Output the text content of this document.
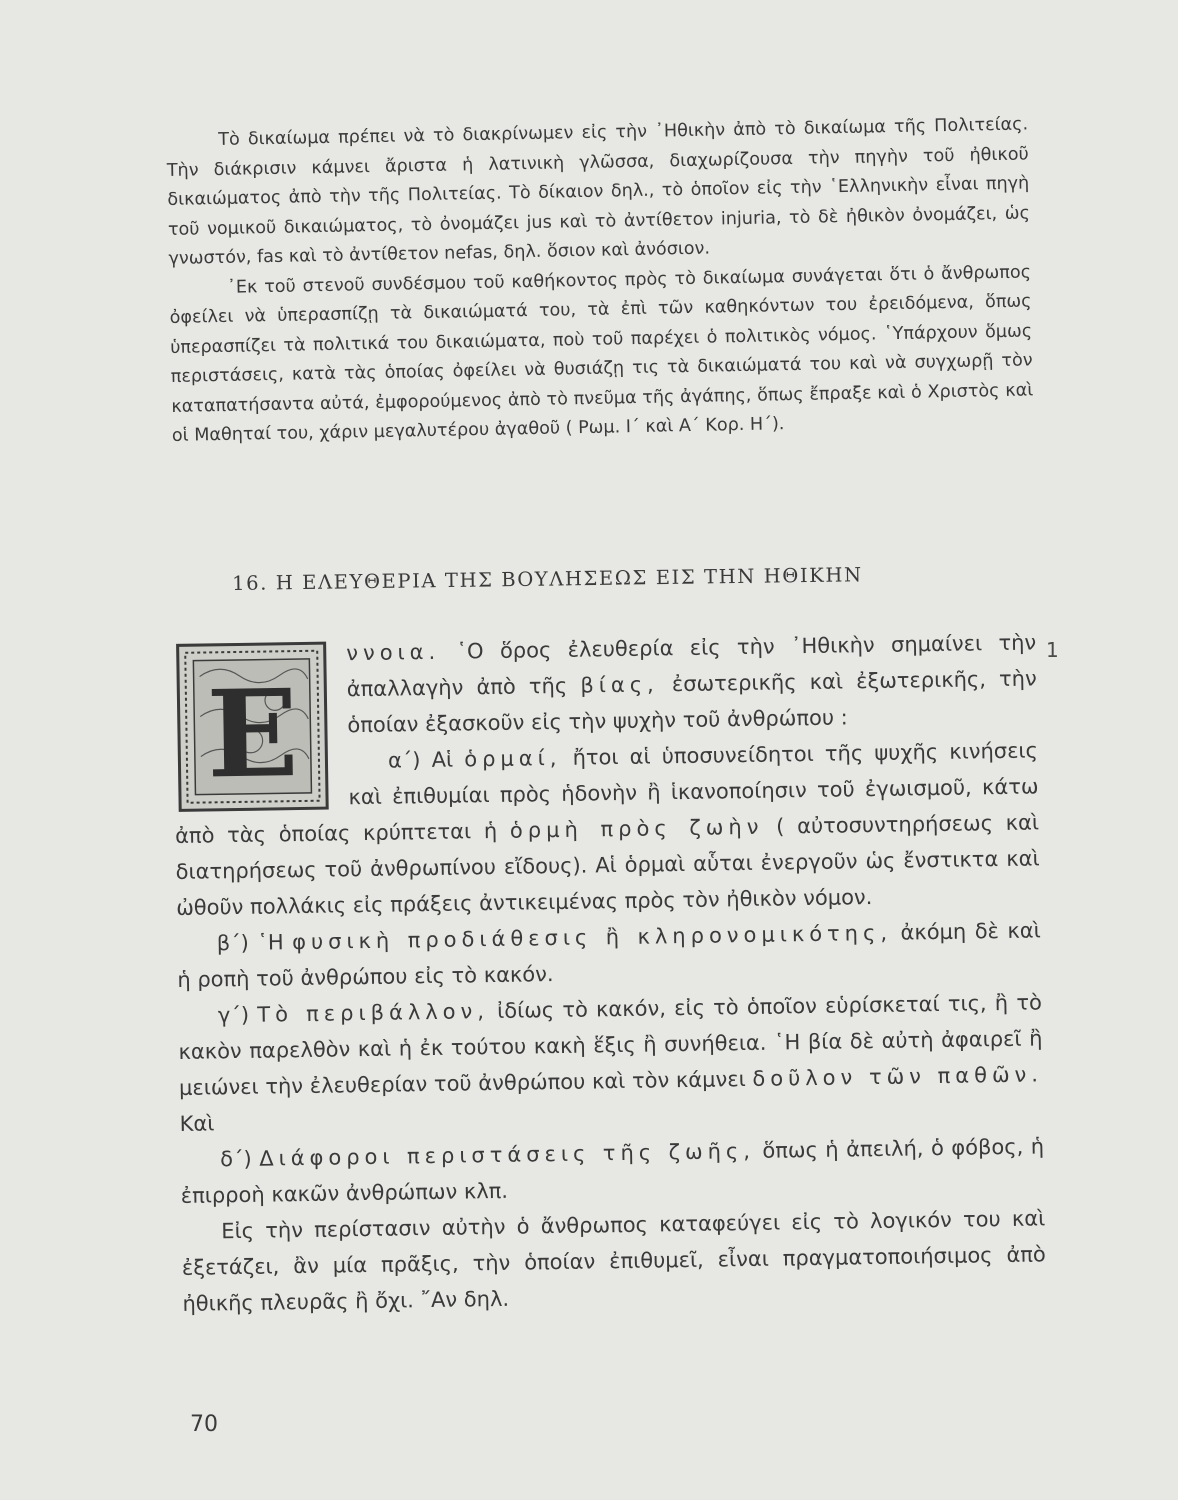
Τὸ δικαίωμα πρέπει νὰ τὸ διακρίνωμεν εἰς τὴν ᾿Ηθικὴν ἀπὸ τὸ δικαίωμα τῆς Πολιτείας. Τὴν διάκρισιν κάμνει ἄριστα ἡ λατινικὴ γλῶσσα, διαχωρίζουσα τὴν πηγὴν τοῦ ἠθικοῦ δικαιώματος ἀπὸ τὴν τῆς Πολιτείας. Τὸ δίκαιον δηλ., τὸ ὁποῖον εἰς τὴν ῾Ελληνικὴν εἶναι πηγὴ τοῦ νομικοῦ δικαιώματος, τὸ ὀνομάζει jus καὶ τὸ ἀντίθετον injuria, τὸ δὲ ἠθικὸν ὀνομάζει, ὡς γνωστόν, fas καὶ τὸ ἀντίθετον nefas, δηλ. ὅσιον καὶ ἀνόσιον.

᾿Εκ τοῦ στενοῦ συνδέσμου τοῦ καθήκοντος πρὸς τὸ δικαίωμα συνάγεται ὅτι ὁ ἄνθρωπος ὀφείλει νὰ ὑπερασπίζῃ τὰ δικαιώματά του, τὰ ἐπὶ τῶν καθηκόντων του ἐρειδόμενα, ὅπως ὑπερασπίζει τὰ πολιτικά του δικαιώματα, ποὺ τοῦ παρέχει ὁ πολιτικὸς νόμος. ῾Υπάρχουν ὅμως περιστάσεις, κατὰ τὰς ὁποίας ὀφείλει νὰ θυσιάζῃ τις τὰ δικαιώματά του καὶ νὰ συγχωρῇ τὸν καταπατήσαντα αὐτά, ἐμφορούμενος ἀπὸ τὸ πνεῦμα τῆς ἀγάπης, ὅπως ἔπραξε καὶ ὁ Χριστὸς καὶ οἱ Μαθηταί του, χάριν μεγαλυτέρου ἀγαθοῦ ( Ρωμ. Ι΄ καὶ Α΄ Κορ. Η΄).

16. Η ΕΛΕΥΘΕΡΙΑ ΤΗΣ ΒΟΥΛΗΣΕΩΣ ΕΙΣ ΤΗΝ ΗΘΙΚΗΝ
E

ννοια. ῾Ο ὅρος ἐλευθερία εἰς τὴν ᾿Ηθικὴν σημαίνει τὴν ἀπαλλαγὴν ἀπὸ τῆς βίας, ἐσωτερικῆς καὶ ἐξωτερικῆς, τὴν ὁποίαν ἐξασκοῦν εἰς τὴν ψυχὴν τοῦ ἀνθρώπου :

α΄) Αἱ ὁρμαί, ἤτοι αἱ ὑποσυνείδητοι τῆς ψυχῆς κινήσεις καὶ ἐπιθυμίαι πρὸς ἡδονὴν ἢ ἱκανοποίησιν τοῦ ἐγωισμοῦ, κάτω ἀπὸ τὰς ὁποίας κρύπτεται ἡ ὁρμὴ πρὸς ζωὴν ( αὐτοσυντηρήσεως καὶ διατηρήσεως τοῦ ἀνθρωπίνου εἴδους). Αἱ ὁρμαὶ αὗται ἐνεργοῦν ὡς ἔνστικτα καὶ ὠθοῦν πολλάκις εἰς πράξεις ἀντικειμένας πρὸς τὸν ἠθικὸν νόμον.

β΄) ῾Η φυσικὴ προδιάθεσις ἢ κληρονομικότης, ἀκόμη δὲ καὶ ἡ ροπὴ τοῦ ἀνθρώπου εἰς τὸ κακόν.

γ΄) Τὸ περιβάλλον, ἰδίως τὸ κακόν, εἰς τὸ ὁποῖον εὑρίσκεταί τις, ἢ τὸ κακὸν παρελθὸν καὶ ἡ ἐκ τούτου κακὴ ἕξις ἢ συνήθεια. ῾Η βία δὲ αὐτὴ ἀφαιρεῖ ἢ μειώνει τὴν ἐλευθερίαν τοῦ ἀνθρώπου καὶ τὸν κάμνει δοῦλον τῶν παθῶν. Καὶ

δ΄) Διάφοροι περιστάσεις τῆς ζωῆς, ὅπως ἡ ἀπειλή, ὁ φόβος, ἡ ἐπιρροὴ κακῶν ἀνθρώπων κλπ.

Εἰς τὴν περίστασιν αὐτὴν ὁ ἄνθρωπος καταφεύγει εἰς τὸ λογικόν του καὶ ἐξετάζει, ἂν μία πρᾶξις, τὴν ὁποίαν ἐπιθυμεῖ, εἶναι πραγματοποιήσιμος ἀπὸ ἠθικῆς πλευρᾶς ἢ ὄχι. ῎Αν δηλ.

1
70
